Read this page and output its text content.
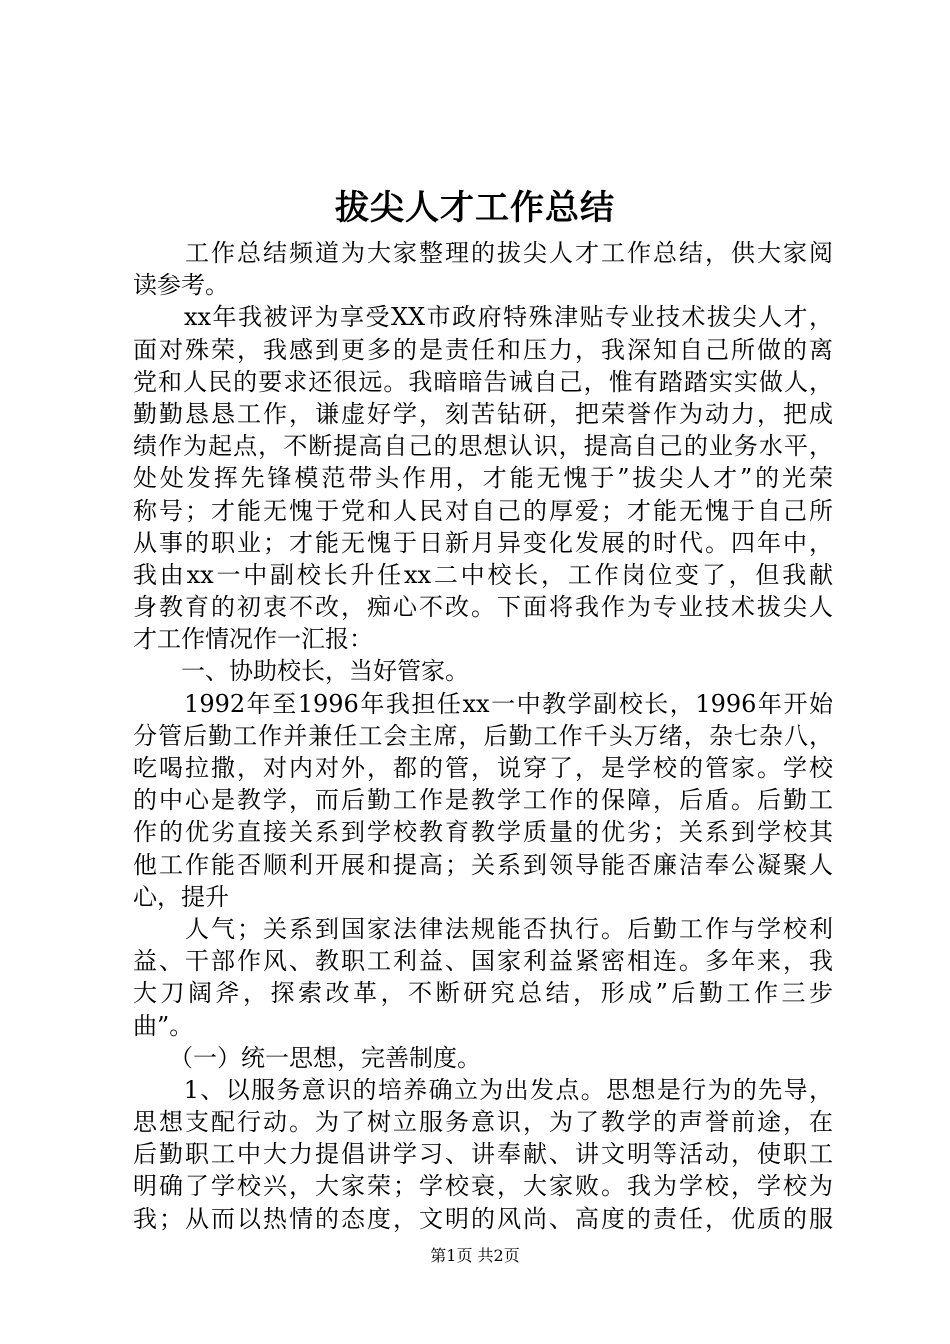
拔尖人才工作总结
　　工作总结频道为大家整理的拔尖人才工作总结，供大家阅
读参考。
　　xx年我被评为享受XX市政府特殊津贴专业技术拔尖人才，
面对殊荣，我感到更多的是责任和压力，我深知自己所做的离
党和人民的要求还很远。我暗暗告诫自己，惟有踏踏实实做人，
勤勤恳恳工作，谦虚好学，刻苦钻研，把荣誉作为动力，把成
绩作为起点，不断提高自己的思想认识，提高自己的业务水平，
处处发挥先锋模范带头作用，才能无愧于”拔尖人才”的光荣
称号；才能无愧于党和人民对自己的厚爱；才能无愧于自己所
从事的职业；才能无愧于日新月异变化发展的时代。四年中，
我由xx一中副校长升任xx二中校长，工作岗位变了，但我献
身教育的初衷不改，痴心不改。下面将我作为专业技术拔尖人
才工作情况作一汇报：
　　一、协助校长，当好管家。
　　1992年至1996年我担任xx一中教学副校长，1996年开始
分管后勤工作并兼任工会主席，后勤工作千头万绪，杂七杂八，
吃喝拉撒，对内对外，都的管，说穿了，是学校的管家。学校
的中心是教学，而后勤工作是教学工作的保障，后盾。后勤工
作的优劣直接关系到学校教育教学质量的优劣；关系到学校其
他工作能否顺利开展和提高；关系到领导能否廉洁奉公凝聚人
心，提升
　　人气；关系到国家法律法规能否执行。后勤工作与学校利
益、干部作风、教职工利益、国家利益紧密相连。多年来，我
大刀阔斧，探索改革，不断研究总结，形成”后勤工作三步
曲”。
　　（一）统一思想，完善制度。
　　1、以服务意识的培养确立为出发点。思想是行为的先导，
思想支配行动。为了树立服务意识，为了教学的声誉前途，在
后勤职工中大力提倡讲学习、讲奉献、讲文明等活动，使职工
明确了学校兴，大家荣；学校衰，大家败。我为学校，学校为
我；从而以热情的态度，文明的风尚、高度的责任，优质的服
第1页 共2页
